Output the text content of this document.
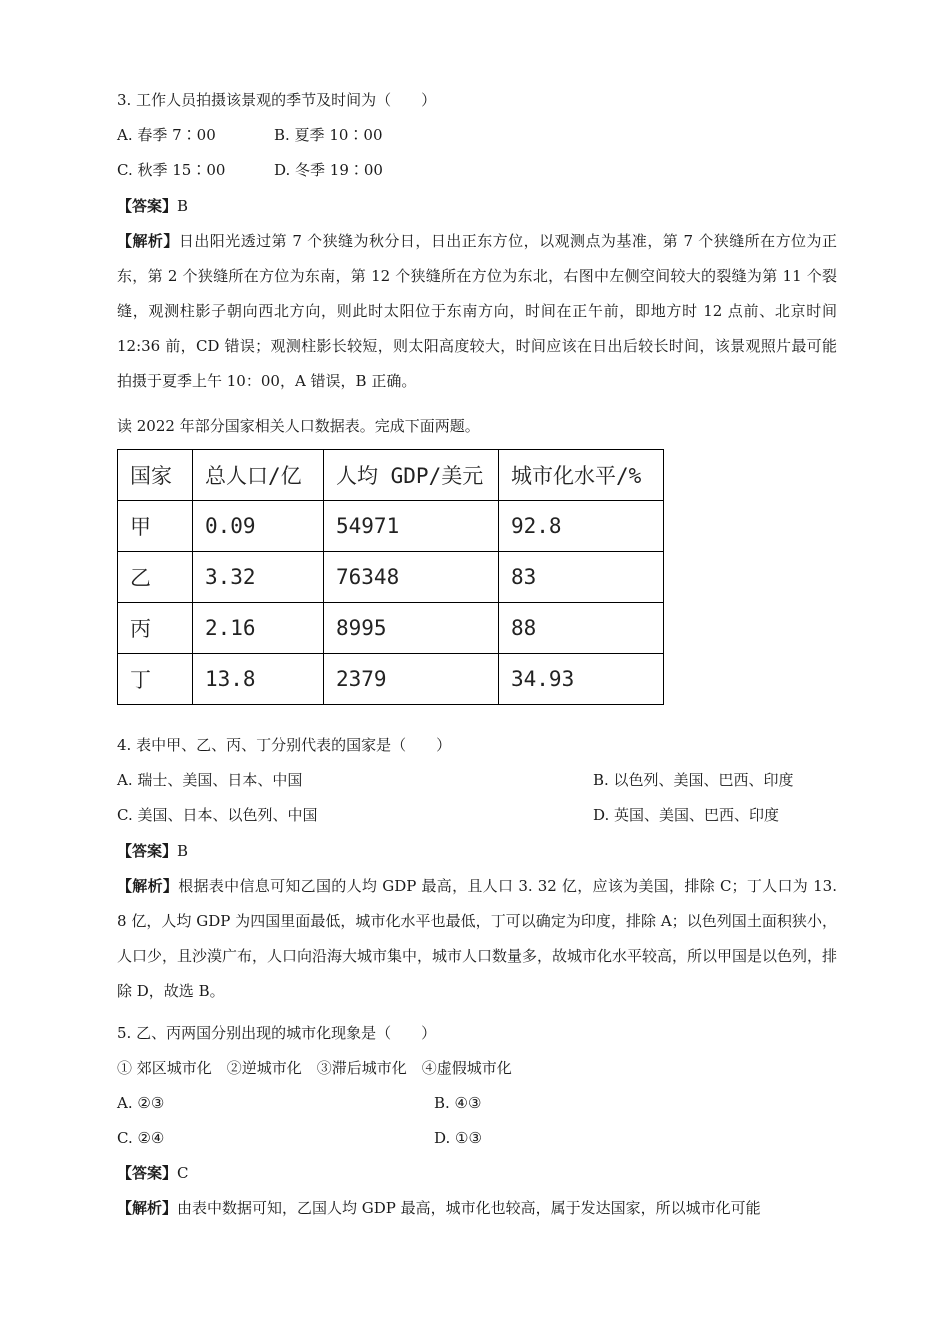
3. 工作人员拍摄该景观的季节及时间为（　　）
A. 春季 7∶00	B. 夏季 10∶00
C. 秋季 15∶00	D. 冬季 19∶00
【答案】B
【解析】日出阳光透过第 7 个狭缝为秋分日，日出正东方位，以观测点为基准，第 7 个狭缝所在方位为正东，第 2 个狭缝所在方位为东南，第 12 个狭缝所在方位为东北，右图中左侧空间较大的裂缝为第 11 个裂缝，观测柱影子朝向西北方向，则此时太阳位于东南方向，时间在正午前，即地方时 12 点前、北京时间 12:36 前，CD 错误；观测柱影长较短，则太阳高度较大，时间应该在日出后较长时间，该景观照片最可能拍摄于夏季上午 10：00，A 错误，B 正确。
读 2022 年部分国家相关人口数据表。完成下面两题。
国家	总人口/亿	人均 GDP/美元	城市化水平/%
甲	0.09	54971	92.8
乙	3.32	76348	83
丙	2.16	8995	88
丁	13.8	2379	34.93
4. 表中甲、乙、丙、丁分别代表的国家是（　　）
A. 瑞士、美国、日本、中国	B. 以色列、美国、巴西、印度
C. 美国、日本、以色列、中国	D. 英国、美国、巴西、印度
【答案】B
【解析】根据表中信息可知乙国的人均 GDP 最高，且人口 3. 32 亿，应该为美国，排除 C；丁人口为 13. 8 亿，人均 GDP 为四国里面最低，城市化水平也最低，丁可以确定为印度，排除 A；以色列国土面积狭小，人口少，且沙漠广布，人口向沿海大城市集中，城市人口数量多，故城市化水平较高，所以甲国是以色列，排除 D，故选 B。
5. 乙、丙两国分别出现的城市化现象是（　　）
① 郊区城市化　②逆城市化　③滞后城市化　④虚假城市化
A. ②③	B. ④③
C. ②④	D. ①③
【答案】C
【解析】由表中数据可知，乙国人均 GDP 最高，城市化也较高，属于发达国家，所以城市化可能
